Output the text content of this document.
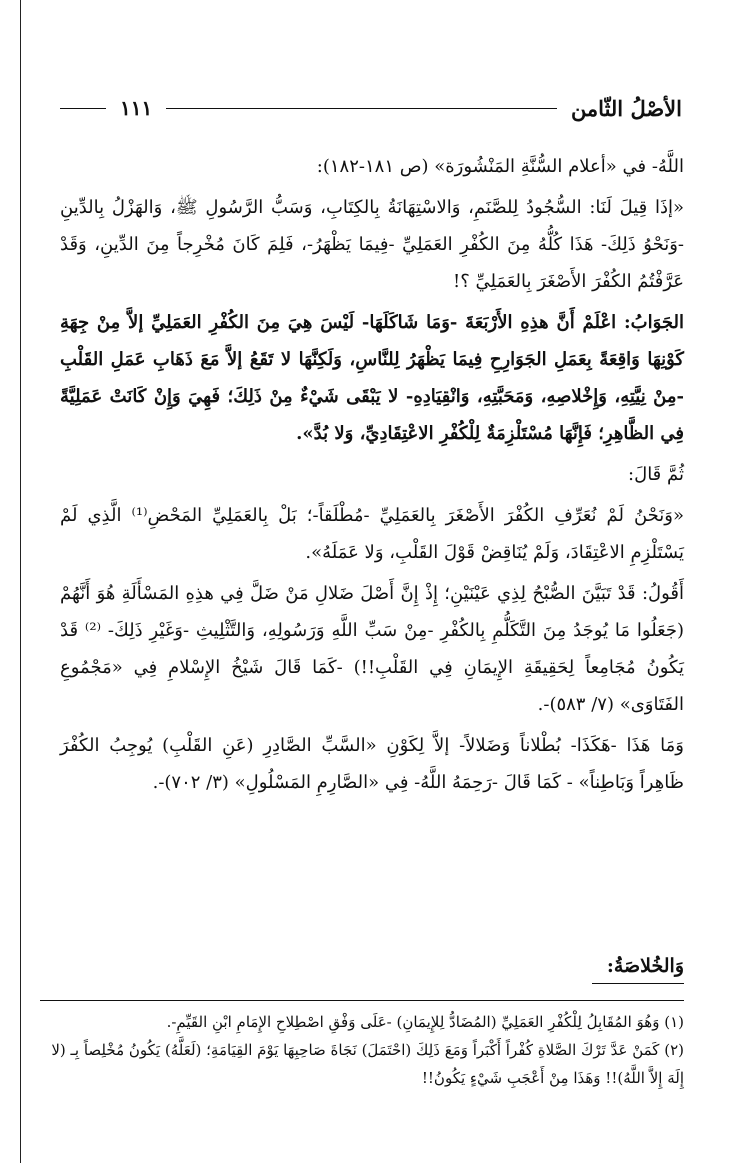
الأصْلُ الثّامن
١١١

اللَّهُ- في «أعلام السُّنَّةِ المَنْشُورَة» (ص ١٨١-١٨٢):

«إذَا قِيلَ لَنَا: السُّجُودُ لِلصَّنَمِ، وَالاسْتِهَانَةُ بِالكِتَابِ، وَسَبُّ الرَّسُولِ ﷺ، وَالهَزْلُ بِالدِّينِ -وَنَحْوُ ذَلِكَ- هَذَا كُلُّهُ مِنَ الكُفْرِ العَمَلِيِّ -فِيمَا يَظْهَرُ-، فَلِمَ كَانَ مُخْرِجاً مِنَ الدِّينِ، وَقَدْ عَرَّفْتُمُ الكُفْرَ الأَصْغَرَ بِالعَمَلِيِّ ؟!

الجَوَابُ: اعْلَمْ أَنَّ هذِهِ الأَرْبَعَةَ -وَمَا شَاكَلَهَا- لَيْسَ هِيَ مِنَ الكُفْرِ العَمَلِيِّ إلاَّ مِنْ جِهَةِ كَوْنِهَا وَاقِعَةً بِعَمَلِ الجَوَارِحِ فِيمَا يَظْهَرُ لِلنَّاسِ، وَلَكِنَّهَا لا تَقَعُ إلاَّ مَعَ ذَهَابِ عَمَلِ القَلْبِ -مِنْ نِيَّتِهِ، وَإِخْلاصِهِ، وَمَحَبَّتِهِ، وَانْقِيَادِهِ- لا يَبْقَى شَيْءٌ مِنْ ذَلِكَ؛ فَهِيَ وَإِنْ كَانَتْ عَمَلِيَّةً فِي الظَّاهِرِ؛ فَإِنَّهَا مُسْتَلْزِمَةٌ لِلْكُفْرِ الاعْتِقَادِيِّ، وَلا بُدَّ».

ثُمَّ قَالَ:

«وَنَحْنُ لَمْ نُعَرِّفِ الكُفْرَ الأَصْغَرَ بِالعَمَلِيِّ -مُطْلَقاً-؛ بَلْ بِالعَمَلِيِّ المَحْضِ⁽¹⁾ الَّذِي لَمْ يَسْتَلْزِمِ الاعْتِقَادَ، وَلَمْ يُنَاقِضْ قَوْلَ القَلْبِ، وَلا عَمَلَهُ».

أَقُولُ: قَدْ تَبَيَّنَ الصُّبْحُ لِذِي عَيْنَيْنِ؛ إِذْ إِنَّ أَصْلَ ضَلالِ مَنْ ضَلَّ فِي هذِهِ المَسْأَلَةِ هُوَ أَنَّهُمْ (جَعَلُوا مَا يُوجَدُ مِنَ التَّكَلُّمِ بِالكُفْرِ -مِنْ سَبِّ اللَّهِ وَرَسُولِهِ، وَالتَّثْلِيثِ -وَغَيْرِ ذَلِكَ- ⁽²⁾ قَدْ يَكُونُ مُجَامِعاً لِحَقِيقَةِ الإِيمَانِ فِي القَلْبِ!!) -كَمَا قَالَ شَيْخُ الإِسْلامِ فِي «مَجْمُوعِ الفَتَاوَى» (٧/ ٥٨٣)-.

وَمَا هَذَا -هَكَذَا- بُطْلاناً وَضَلالاً- إلاَّ لِكَوْنِ «السَّبِّ الصَّادِرِ (عَنِ القَلْبِ) يُوجِبُ الكُفْرَ ظَاهِراً وَبَاطِناً» - كَمَا قَالَ -رَحِمَهُ اللَّهُ- فِي «الصَّارِمِ المَسْلُولِ» (٣/ ٧٠٢)-.

وَالخُلاصَةُ:

(١) وَهُوَ المُقَابِلُ لِلْكُفْرِ العَمَلِيِّ (المُضَادُّ لِلإِيمَانِ) -عَلَى وَفْقِ اصْطِلاحِ الإِمَامِ ابْنِ القَيِّمِ-.

(٢) كَمَنْ عَدَّ تَرْكَ الصَّلاةِ كُفْراً أَكْبَراً وَمَعَ ذَلِكَ (احْتَمَلَ) نَجَاةَ صَاحِبِهَا يَوْمَ القِيَامَةِ؛ (لَعَلَّهُ) يَكُونُ مُخْلِصاً بِـ (لا إِلَهَ إِلاَّ اللَّهُ)!! وَهَذَا مِنْ أَعْجَبِ شَيْءٍ يَكُونُ!!
